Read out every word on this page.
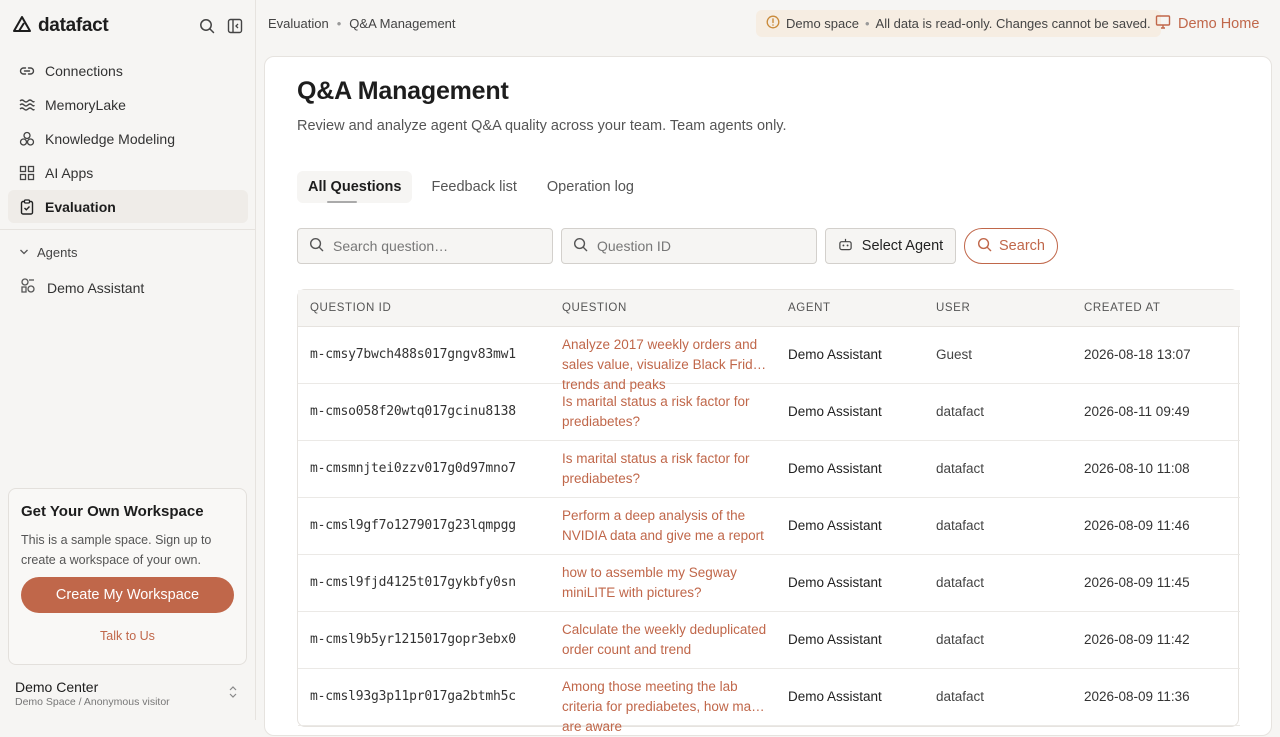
datafact
Connections
MemoryLake
Knowledge Modeling
AI Apps
Evaluation
Agents
Demo Assistant
Get Your Own Workspace
This is a sample space. Sign up to create a workspace of your own.
Create My Workspace
Talk to Us
Demo Center
Demo Space / Anonymous visitor
Evaluation • Q&A Management	Demo space • All data is read-only. Changes cannot be saved. Demo Home
Q&A Management

Review and analyze agent Q&A quality across your team. Team agents only.

All Questions	Feedback list	Operation log
Search question…
Question ID
Select Agent	Search
QUESTION ID	QUESTION	AGENT	USER	CREATED AT
m-cmsy7bwch488s017gngv83mw1	Analyze 2017 weekly orders and sales value, visualize Black Friday trends and peaks	Demo Assistant	Guest	2026-08-18 13:07
m-cmso058f20wtq017gcinu8138	Is marital status a risk factor for prediabetes?	Demo Assistant	datafact	2026-08-11 09:49
m-cmsmnjtei0zzv017g0d97mno7	Is marital status a risk factor for prediabetes?	Demo Assistant	datafact	2026-08-10 11:08
m-cmsl9gf7o1279017g23lqmpgg	Perform a deep analysis of the NVIDIA data and give me a report	Demo Assistant	datafact	2026-08-09 11:46
m-cmsl9fjd4125t017gykbfy0sn	how to assemble my Segway miniLITE with pictures?	Demo Assistant	datafact	2026-08-09 11:45
m-cmsl9b5yr1215017gopr3ebx0	Calculate the weekly deduplicated order count and trend	Demo Assistant	datafact	2026-08-09 11:42
m-cmsl93g3p11pr017ga2btmh5c	Among those meeting the lab criteria for prediabetes, how many are aware	Demo Assistant	datafact	2026-08-09 11:36
